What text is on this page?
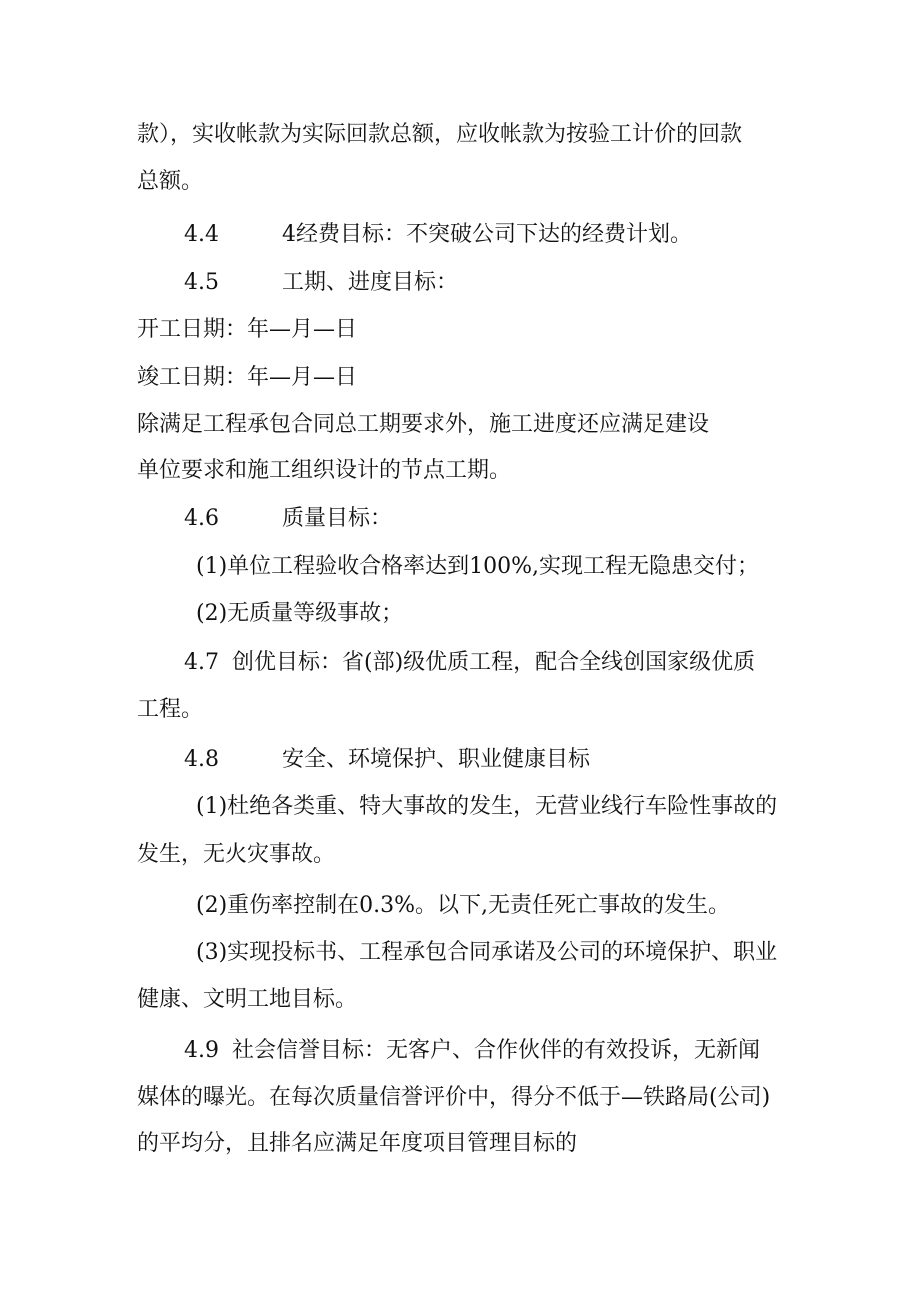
款），实收帐款为实际回款总额，应收帐款为按验工计价的回款
总额。
4.4	4经费目标：不突破公司下达的经费计划。
4.5	工期、进度目标：
开工日期：年—月—日
竣工日期：年—月—日
除满足工程承包合同总工期要求外，施工进度还应满足建设
单位要求和施工组织设计的节点工期。
4.6	质量目标：
(1)单位工程验收合格率达到100%,实现工程无隐患交付；
(2)无质量等级事故；
4.7 创优目标：省(部)级优质工程，配合全线创国家级优质
工程。
4.8	安全、环境保护、职业健康目标
(1)杜绝各类重、特大事故的发生，无营业线行车险性事故的
发生，无火灾事故。
(2)重伤率控制在0.3%。以下,无责任死亡事故的发生。
(3)实现投标书、工程承包合同承诺及公司的环境保护、职业
健康、文明工地目标。
4.9 社会信誉目标：无客户、合作伙伴的有效投诉，无新闻
媒体的曝光。在每次质量信誉评价中，得分不低于—铁路局(公司)
的平均分，且排名应满足年度项目管理目标的
